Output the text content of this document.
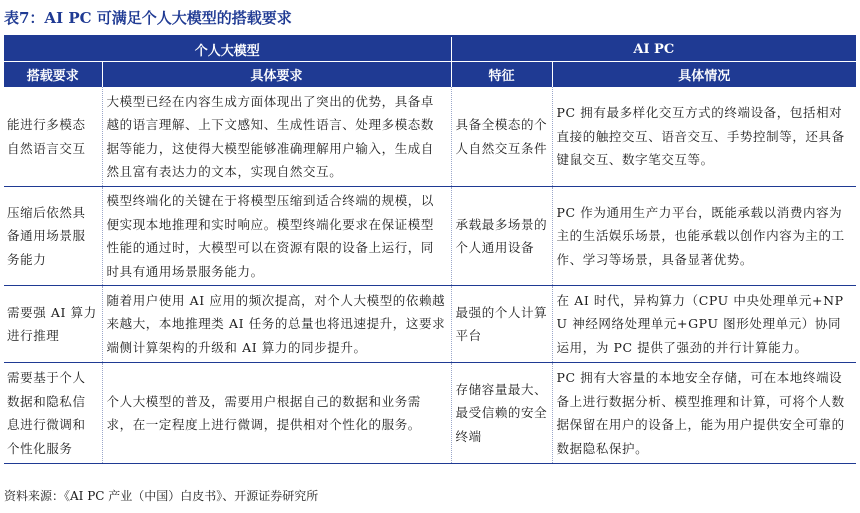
表7：AI PC 可满足个人大模型的搭载要求
个人大模型		AI PC	
搭载要求	具体要求	特征	具体情况
能进行多模态自然语言交互	大模型已经在内容生成方面体现出了突出的优势，具备卓越的语言理解、上下文感知、生成性语言、处理多模态数据等能力，这使得大模型能够准确理解用户输入，生成自然且富有表达力的文本，实现自然交互。	具备全模态的个人自然交互条件	PC 拥有最多样化交互方式的终端设备，包括相对直接的触控交互、语音交互、手势控制等，还具备键鼠交互、数字笔交互等。
压缩后依然具备通用场景服务能力	模型终端化的关键在于将模型压缩到适合终端的规模，以便实现本地推理和实时响应。模型终端化要求在保证模型性能的通过时，大模型可以在资源有限的设备上运行，同时具有通用场景服务能力。	承载最多场景的个人通用设备	PC 作为通用生产力平台，既能承载以消费内容为主的生活娱乐场景，也能承载以创作内容为主的工作、学习等场景，具备显著优势。
需要强 AI 算力进行推理	随着用户使用 AI 应用的频次提高，对个人大模型的依赖越来越大，本地推理类 AI 任务的总量也将迅速提升，这要求端侧计算架构的升级和 AI 算力的同步提升。	最强的个人计算平台	在 AI 时代，异构算力（CPU 中央处理单元+NPU 神经网络处理单元+GPU 图形处理单元）协同运用，为 PC 提供了强劲的并行计算能力。
需要基于个人数据和隐私信息进行微调和个性化服务	个人大模型的普及，需要用户根据自己的数据和业务需求，在一定程度上进行微调，提供相对个性化的服务。	存储容量最大、最受信赖的安全终端	PC 拥有大容量的本地安全存储，可在本地终端设备上进行数据分析、模型推理和计算，可将个人数据保留在用户的设备上，能为用户提供安全可靠的数据隐私保护。
资料来源：《AI PC 产业（中国）白皮书》、开源证券研究所
